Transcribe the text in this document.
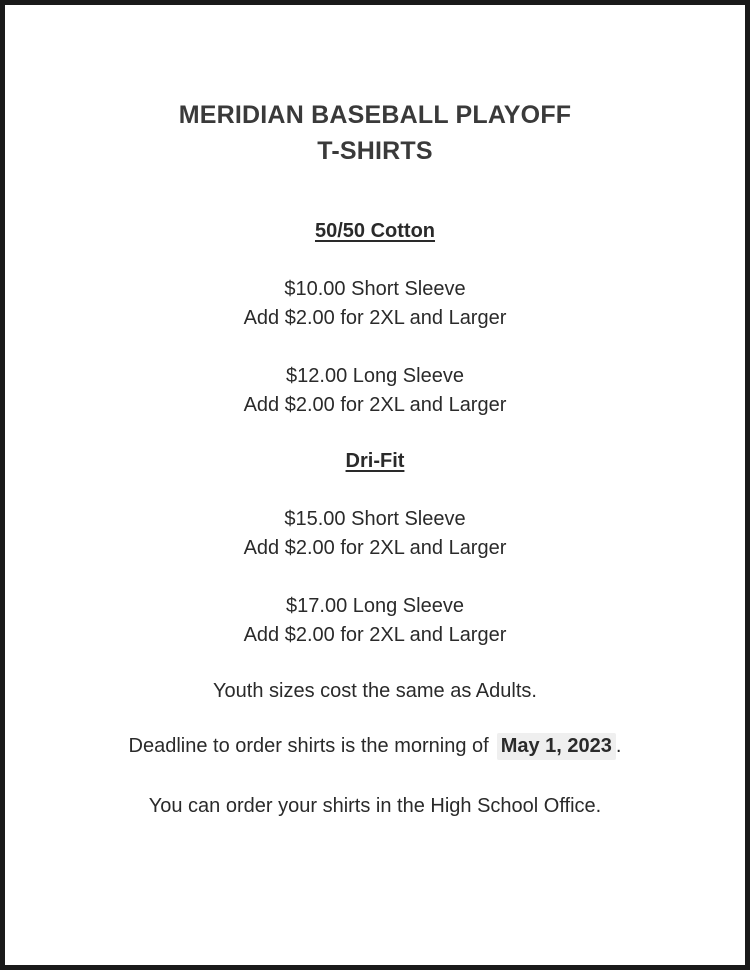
MERIDIAN BASEBALL PLAYOFF
T-SHIRTS
50/50 Cotton
$10.00 Short Sleeve
Add $2.00 for 2XL and Larger
$12.00 Long Sleeve
Add $2.00 for 2XL and Larger
Dri-Fit
$15.00 Short Sleeve
Add $2.00 for 2XL and Larger
$17.00 Long Sleeve
Add $2.00 for 2XL and Larger
Youth sizes cost the same as Adults.
Deadline to order shirts is the morning of May 1, 2023 .
You can order your shirts in the High School Office.
